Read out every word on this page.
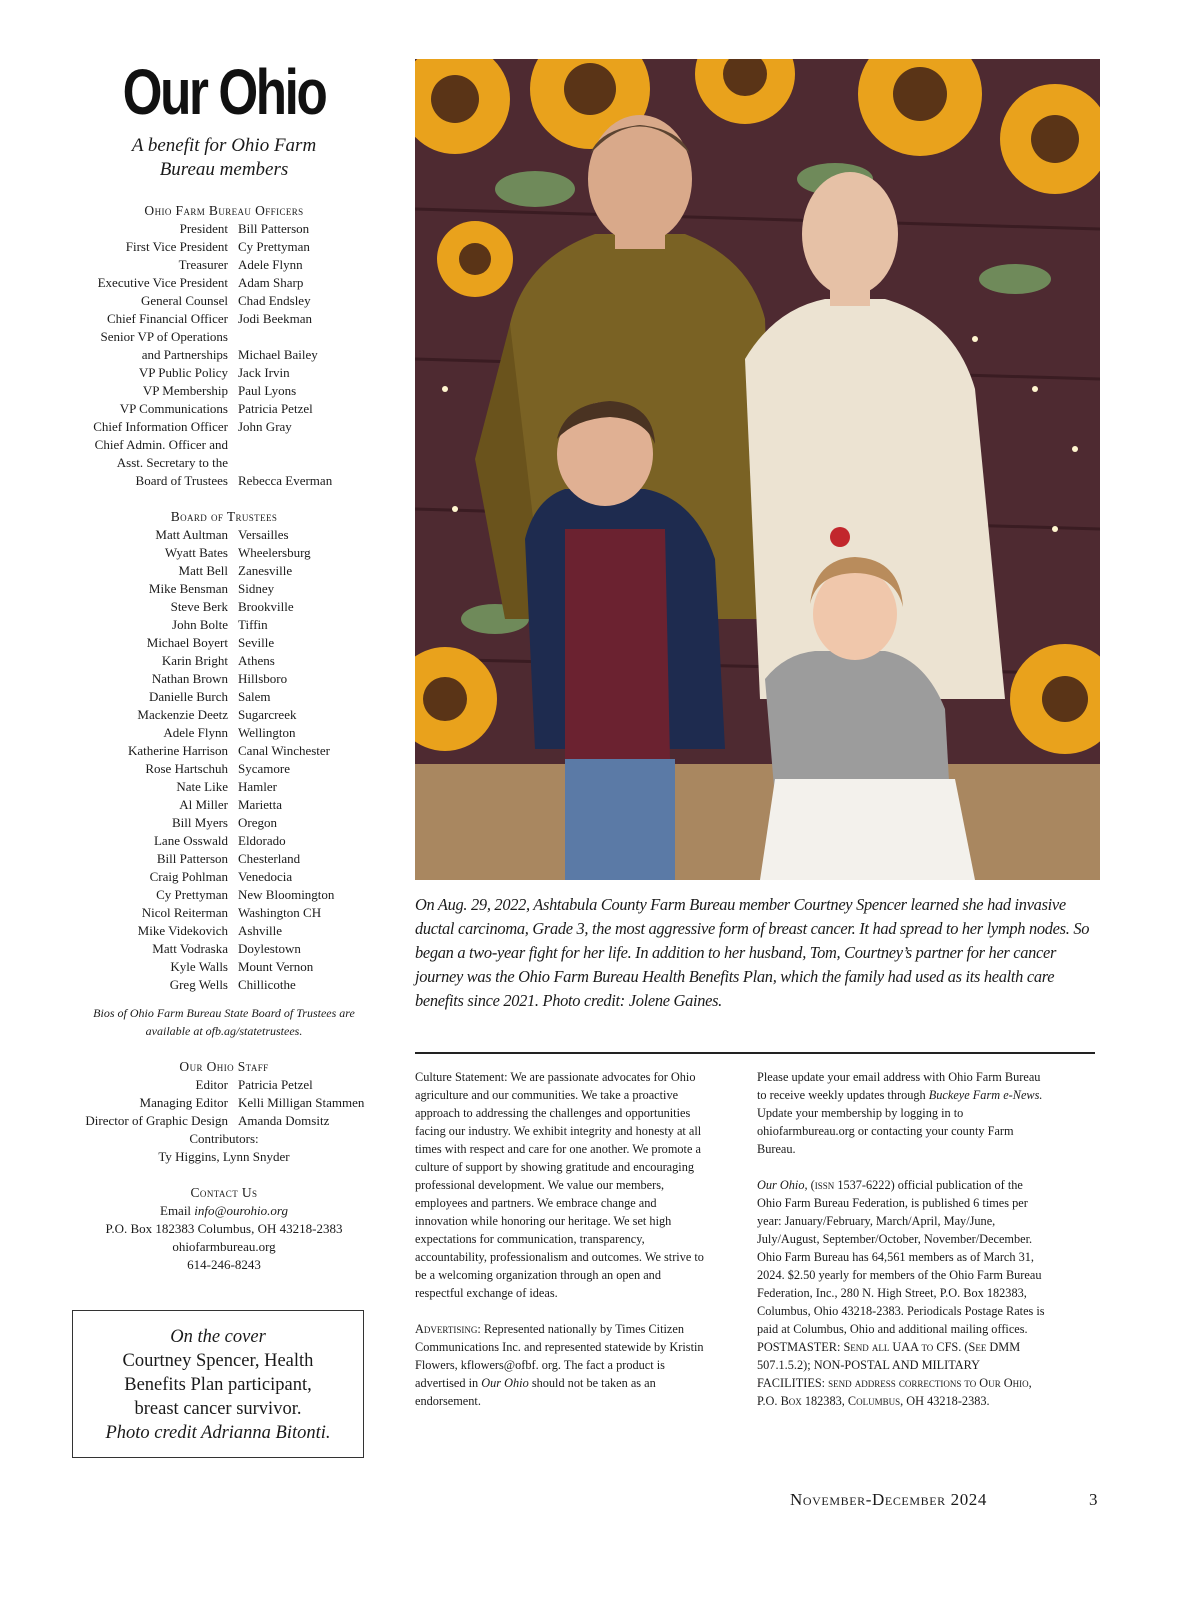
Our Ohio
A benefit for Ohio Farm Bureau members
Ohio Farm Bureau Officers
President Bill Patterson
First Vice President Cy Prettyman
Treasurer Adele Flynn
Executive Vice President Adam Sharp
General Counsel Chad Endsley
Chief Financial Officer Jodi Beekman
Senior VP of Operations
and Partnerships Michael Bailey
VP Public Policy Jack Irvin
VP Membership Paul Lyons
VP Communications Patricia Petzel
Chief Information Officer John Gray
Chief Admin. Officer and
Asst. Secretary to the
Board of Trustees Rebecca Everman
Board of Trustees
Matt Aultman Versailles
Wyatt Bates Wheelersburg
Matt Bell Zanesville
Mike Bensman Sidney
Steve Berk Brookville
John Bolte Tiffin
Michael Boyert Seville
Karin Bright Athens
Nathan Brown Hillsboro
Danielle Burch Salem
Mackenzie Deetz Sugarcreek
Adele Flynn Wellington
Katherine Harrison Canal Winchester
Rose Hartschuh Sycamore
Nate Like Hamler
Al Miller Marietta
Bill Myers Oregon
Lane Osswald Eldorado
Bill Patterson Chesterland
Craig Pohlman Venedocia
Cy Prettyman New Bloomington
Nicol Reiterman Washington CH
Mike Videkovich Ashville
Matt Vodraska Doylestown
Kyle Walls Mount Vernon
Greg Wells Chillicothe
Bios of Ohio Farm Bureau State Board of Trustees are available at ofb.ag/statetrustees.
Our Ohio Staff
Editor Patricia Petzel
Managing Editor Kelli Milligan Stammen
Director of Graphic Design Amanda Domsitz
Contributors:
Ty Higgins, Lynn Snyder
Contact Us
Email info@ourohio.org
P.O. Box 182383 Columbus, OH 43218-2383
ohiofarmbureau.org
614-246-8243
On the cover
Courtney Spencer, Health
Benefits Plan participant,
breast cancer survivor.
Photo credit Adrianna Bitonti.
On Aug. 29, 2022, Ashtabula County Farm Bureau member Courtney Spencer learned she had invasive ductal carcinoma, Grade 3, the most aggressive form of breast cancer. It had spread to her lymph nodes. So began a two-year fight for her life. In addition to her husband, Tom, Courtney’s partner for her cancer journey was the Ohio Farm Bureau Health Benefits Plan, which the family had used as its health care benefits since 2021. Photo credit: Jolene Gaines.

Culture Statement: We are passionate advocates for Ohio agriculture and our communities. We take a proactive approach to addressing the challenges and opportunities facing our industry. We exhibit integrity and honesty at all times with respect and care for one another. We promote a culture of support by showing gratitude and encouraging professional development. We value our members, employees and partners. We embrace change and innovation while honoring our heritage. We set high expectations for communication, transparency, accountability, professionalism and outcomes. We strive to be a welcoming organization through an open and respectful exchange of ideas.

Advertising: Represented nationally by Times Citizen Communications Inc. and represented statewide by Kristin Flowers, kflowers@ofbf. org. The fact a product is advertised in Our Ohio should not be taken as an endorsement.

Please update your email address with Ohio Farm Bureau to receive weekly updates through Buckeye Farm e-News. Update your membership by logging in to ohiofarmbureau.org or contacting your county Farm Bureau.

Our Ohio, (issn 1537-6222) official publication of the Ohio Farm Bureau Federation, is published 6 times per year: January/February, March/April, May/June, July/August, September/October, November/December. Ohio Farm Bureau has 64,561 members as of March 31, 2024. $2.50 yearly for members of the Ohio Farm Bureau Federation, Inc., 280 N. High Street, P.O. Box 182383, Columbus, Ohio 43218-2383. Periodicals Postage Rates is paid at Columbus, Ohio and additional mailing offices. POSTMASTER: Send all UAA to CFS. (See DMM 507.1.5.2); NON-POSTAL AND MILITARY FACILITIES: send address corrections to Our Ohio, P.O. Box 182383, Columbus, OH 43218-2383.

November-December 2024	3
